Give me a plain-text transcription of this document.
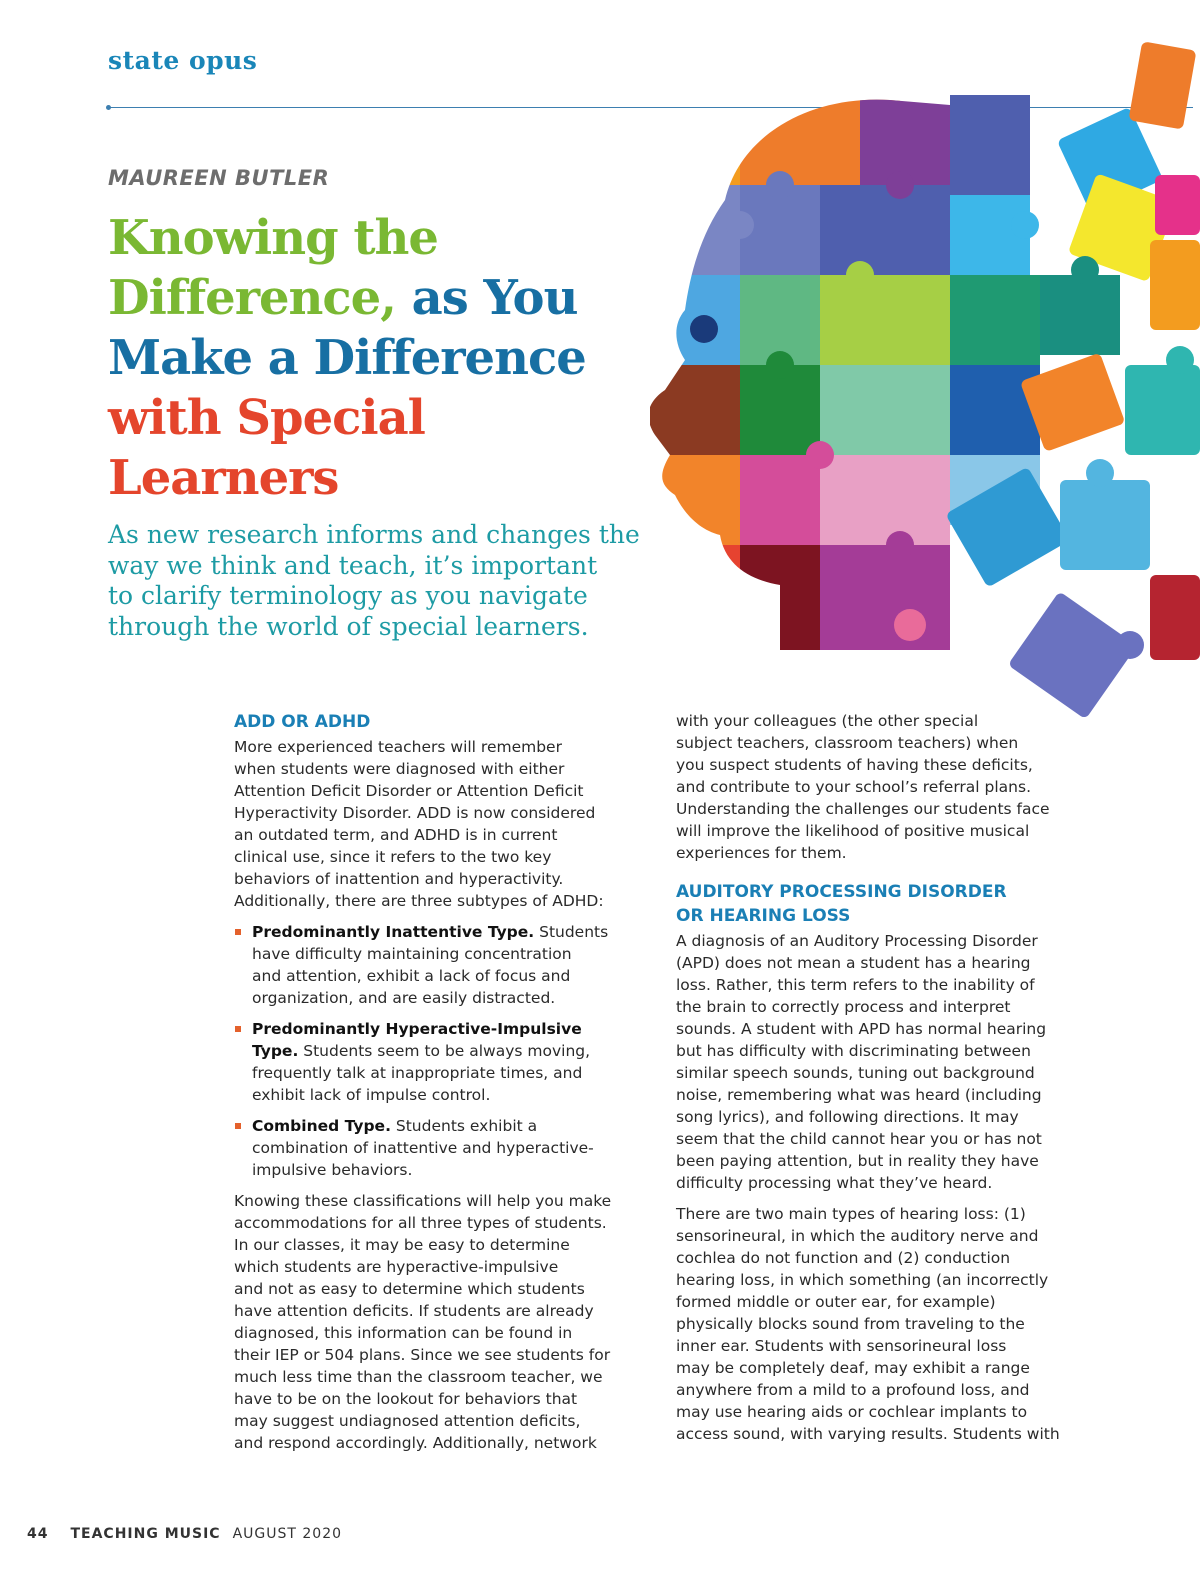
state opus
MAUREEN BUTLER
Knowing the
Difference, as You
Make a Difference
with Special
Learners
As new research informs and changes the
way we think and teach, it’s important
to clarify terminology as you navigate
through the world of special learners.
ADD OR ADHD

More experienced teachers will remember
when students were diagnosed with either
Attention Deficit Disorder or Attention Deficit
Hyperactivity Disorder. ADD is now considered
an outdated term, and ADHD is in current
clinical use, since it refers to the two key
behaviors of inattention and hyperactivity.
Additionally, there are three subtypes of ADHD:

Predominantly Inattentive Type. Students
have difficulty maintaining concentration
and attention, exhibit a lack of focus and
organization, and are easily distracted.
Predominantly Hyperactive-Impulsive
Type. Students seem to be always moving,
frequently talk at inappropriate times, and
exhibit lack of impulse control.
Combined Type. Students exhibit a
combination of inattentive and hyperactive-
impulsive behaviors.

Knowing these classifications will help you make
accommodations for all three types of students.
In our classes, it may be easy to determine
which students are hyperactive-impulsive
and not as easy to determine which students
have attention deficits. If students are already
diagnosed, this information can be found in
their IEP or 504 plans. Since we see students for
much less time than the classroom teacher, we
have to be on the lookout for behaviors that
may suggest undiagnosed attention deficits,
and respond accordingly. Additionally, network

with your colleagues (the other special
subject teachers, classroom teachers) when
you suspect students of having these deficits,
and contribute to your school’s referral plans.
Understanding the challenges our students face
will improve the likelihood of positive musical
experiences for them.

AUDITORY PROCESSING DISORDER
OR HEARING LOSS

A diagnosis of an Auditory Processing Disorder
(APD) does not mean a student has a hearing
loss. Rather, this term refers to the inability of
the brain to correctly process and interpret
sounds. A student with APD has normal hearing
but has difficulty with discriminating between
similar speech sounds, tuning out background
noise, remembering what was heard (including
song lyrics), and following directions. It may
seem that the child cannot hear you or has not
been paying attention, but in reality they have
difficulty processing what they’ve heard.

There are two main types of hearing loss: (1)
sensorineural, in which the auditory nerve and
cochlea do not function and (2) conduction
hearing loss, in which something (an incorrectly
formed middle or outer ear, for example)
physically blocks sound from traveling to the
inner ear. Students with sensorineural loss
may be completely deaf, may exhibit a range
anywhere from a mild to a profound loss, and
may use hearing aids or cochlear implants to
access sound, with varying results. Students with

44 TEACHING MUSIC AUGUST 2020
